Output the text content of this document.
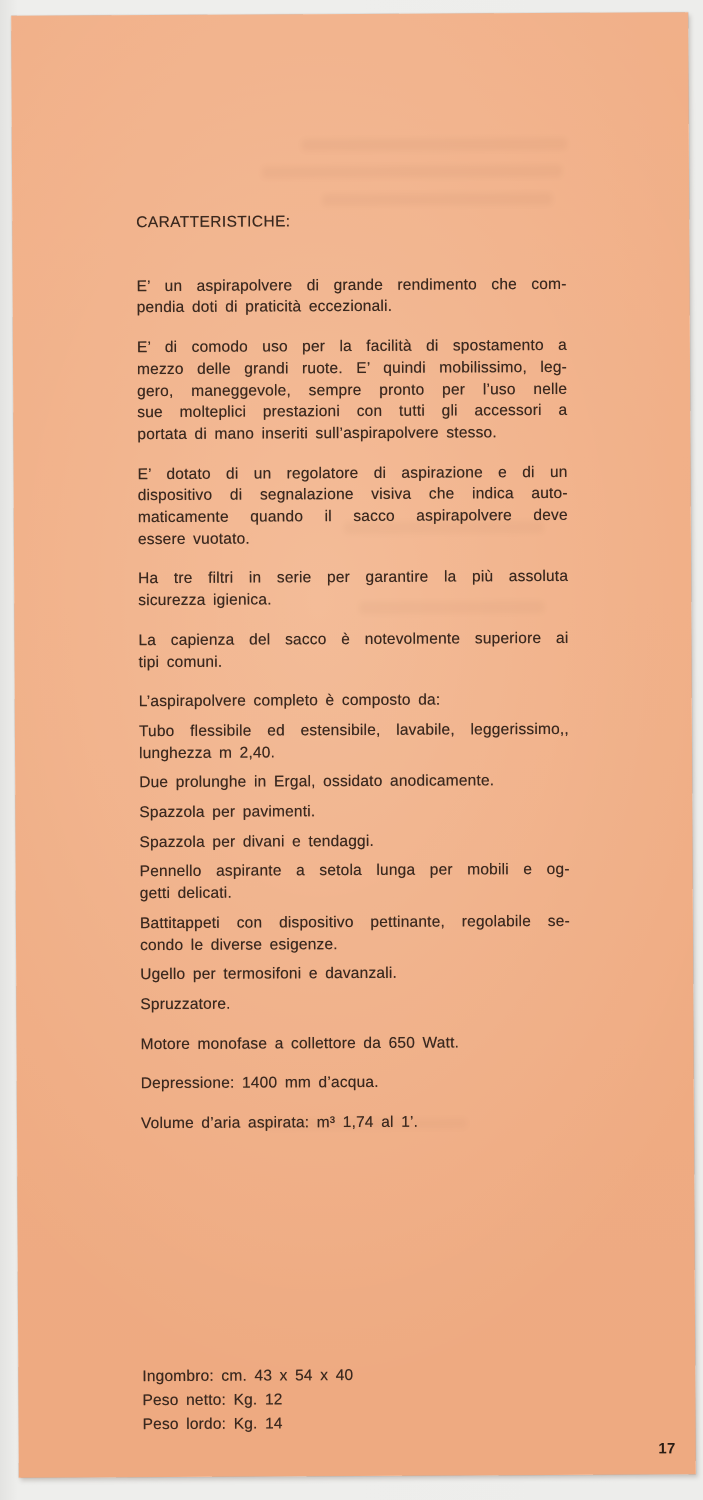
CARATTERISTICHE:
E’ un aspirapolvere di grande rendimento che com-
pendia doti di praticità eccezionali.
E’ di comodo uso per la facilità di spostamento a
mezzo delle grandi ruote. E’ quindi mobilissimo, leg-
gero, maneggevole, sempre pronto per l’uso nelle
sue molteplici prestazioni con tutti gli accessori a
portata di mano inseriti sull’aspirapolvere stesso.
E’ dotato di un regolatore di aspirazione e di un
dispositivo di segnalazione visiva che indica auto-
maticamente quando il sacco aspirapolvere deve
essere vuotato.
Ha tre filtri in serie per garantire la più assoluta
sicurezza igienica.
La capienza del sacco è notevolmente superiore ai
tipi comuni.
L’aspirapolvere completo è composto da:
Tubo flessibile ed estensibile, lavabile, leggerissimo,,
lunghezza m 2,40.
Due prolunghe in Ergal, ossidato anodicamente.
Spazzola per pavimenti.
Spazzola per divani e tendaggi.
Pennello aspirante a setola lunga per mobili e og-
getti delicati.
Battitappeti con dispositivo pettinante, regolabile se-
condo le diverse esigenze.
Ugello per termosifoni e davanzali.
Spruzzatore.
Motore monofase a collettore da 650 Watt.
Depressione: 1400 mm d’acqua.
Volume d’aria aspirata: m³ 1,74 al 1’.
Ingombro: cm. 43 x 54 x 40
Peso netto: Kg. 12
Peso lordo: Kg. 14
17
